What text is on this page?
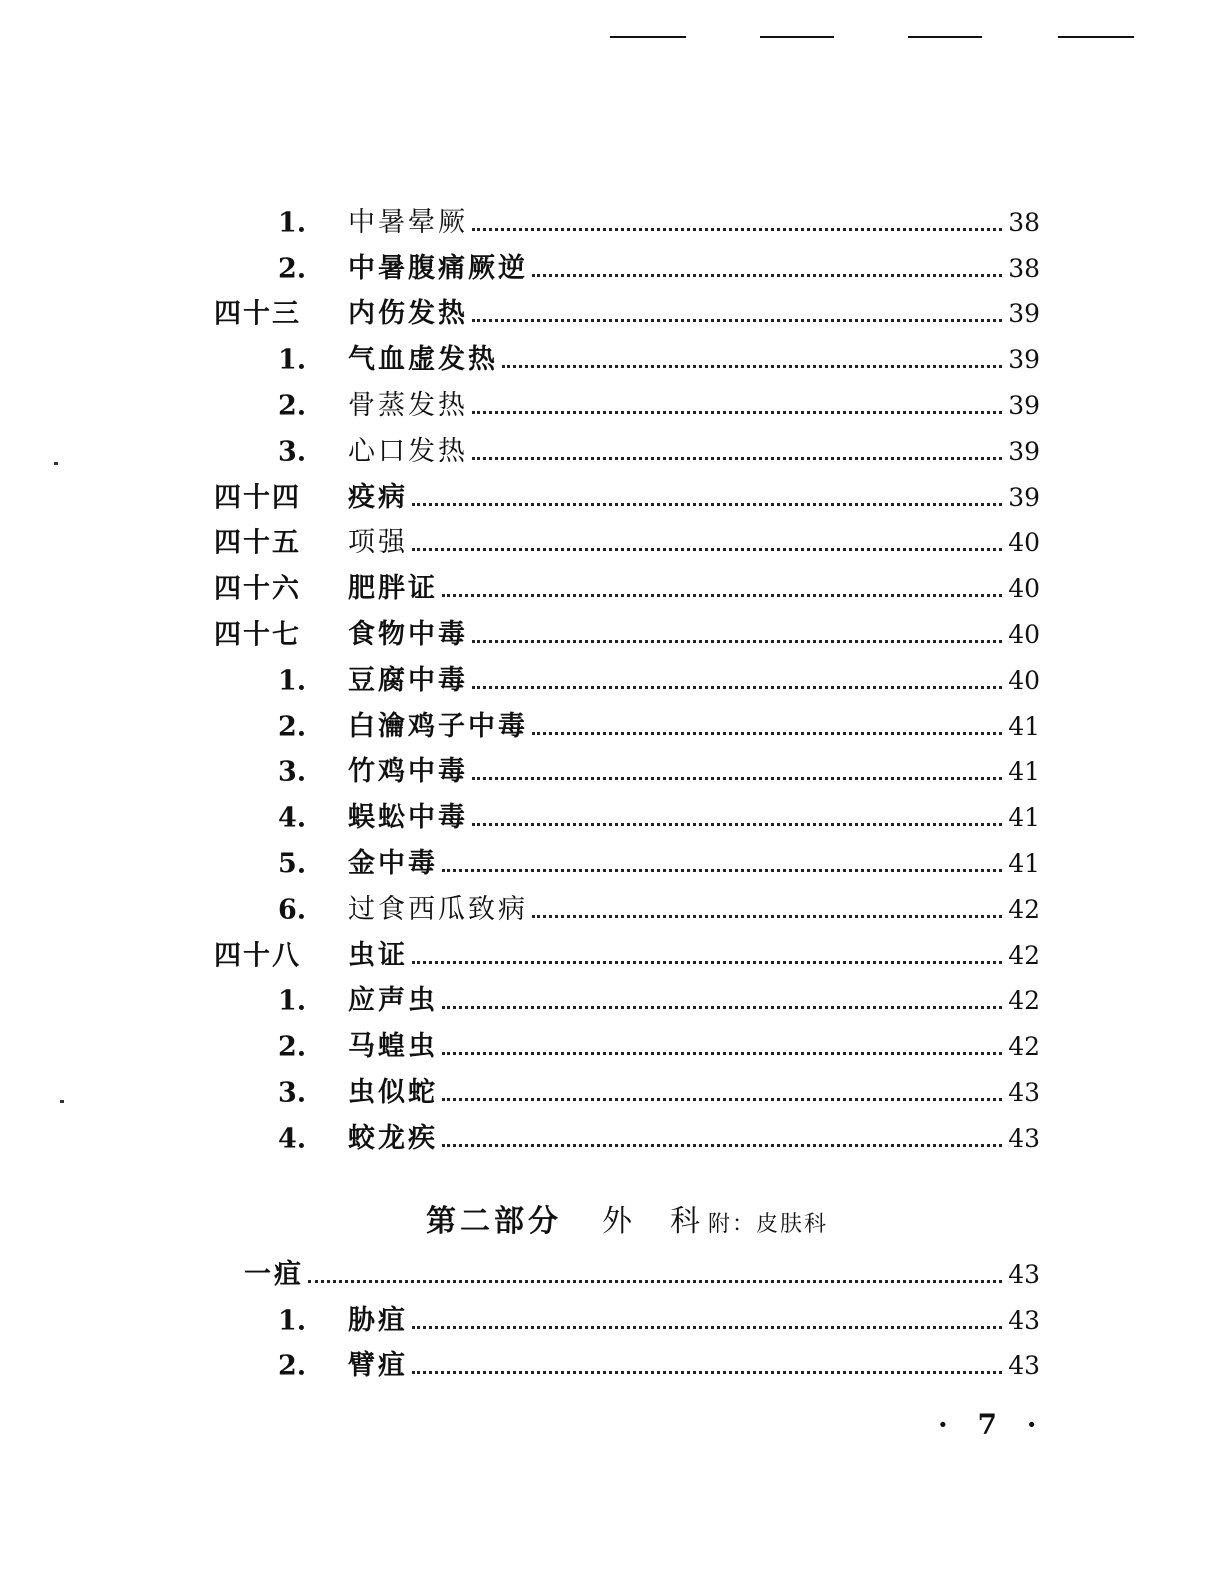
1. 中暑晕厥	38
2. 中暑腹痛厥逆	38
四十三 内伤发热	39
1. 气血虚发热	39
2. 骨蒸发热	39
3. 心口发热	39
四十四 疫病	39
四十五 项强	40
四十六 肥胖证	40
四十七 食物中毒	40
1. 豆腐中毒	40
2. 白瀹鸡子中毒	41
3. 竹鸡中毒	41
4. 蜈蚣中毒	41
5. 金中毒	41
6. 过食西瓜致病	42
四十八 虫证	42
1. 应声虫	42
2. 马蝗虫	42
3. 虫似蛇	43
4. 蛟龙疾	43
第二部分 外科
附：皮肤科
一疽	43
1. 胁疽	43
2. 臂疽	43
· 7 ·
